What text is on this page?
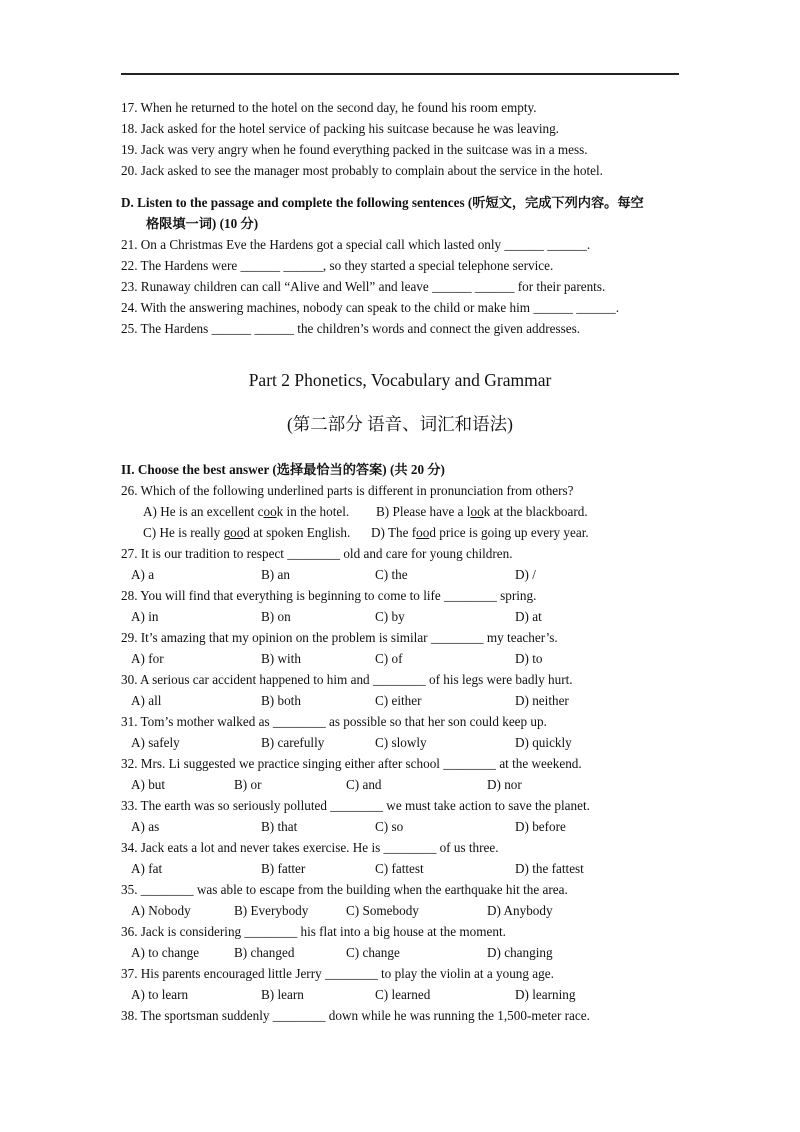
17. When he returned to the hotel on the second day, he found his room empty.
18. Jack asked for the hotel service of packing his suitcase because he was leaving.
19. Jack was very angry when he found everything packed in the suitcase was in a mess.
20. Jack asked to see the manager most probably to complain about the service in the hotel.
D. Listen to the passage and complete the following sentences (听短文，完成下列内容。每空
格限填一词) (10 分)
21. On a Christmas Eve the Hardens got a special call which lasted only ______ ______.
22. The Hardens were ______ ______, so they started a special telephone service.
23. Runaway children can call “Alive and Well” and leave ______ ______ for their parents.
24. With the answering machines, nobody can speak to the child or make him ______ ______.
25. The Hardens ______ ______ the children’s words and connect the given addresses.
Part 2 Phonetics, Vocabulary and Grammar
(第二部分 语音、词汇和语法)
II. Choose the best answer (选择最恰当的答案) (共 20 分)
26. Which of the following underlined parts is different in pronunciation from others?
A) He is an excellent cook in the hotel. B) Please have a look at the blackboard.
C) He is really good at spoken English. D) The food price is going up every year.
27. It is our tradition to respect ________ old and care for young children.
A) a	B) an	C) the	D) /
28. You will find that everything is beginning to come to life ________ spring.
A) in	B) on	C) by	D) at
29. It’s amazing that my opinion on the problem is similar ________ my teacher’s.
A) for	B) with	C) of	D) to
30. A serious car accident happened to him and ________ of his legs were badly hurt.
A) all	B) both	C) either	D) neither
31. Tom’s mother walked as ________ as possible so that her son could keep up.
A) safely	B) carefully	C) slowly	D) quickly
32. Mrs. Li suggested we practice singing either after school ________ at the weekend.
A) but	B) or	C) and	D) nor
33. The earth was so seriously polluted ________ we must take action to save the planet.
A) as	B) that	C) so	D) before
34. Jack eats a lot and never takes exercise. He is ________ of us three.
A) fat	B) fatter	C) fattest	D) the fattest
35. ________ was able to escape from the building when the earthquake hit the area.
A) Nobody	B) Everybody	C) Somebody	D) Anybody
36. Jack is considering ________ his flat into a big house at the moment.
A) to change	B) changed	C) change	D) changing
37. His parents encouraged little Jerry ________ to play the violin at a young age.
A) to learn	B) learn	C) learned	D) learning
38. The sportsman suddenly ________ down while he was running the 1,500-meter race.
